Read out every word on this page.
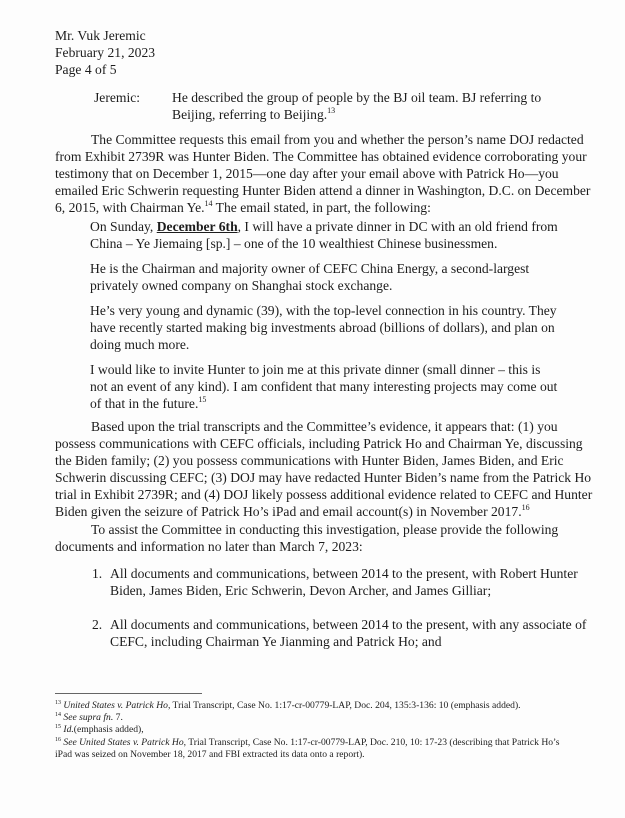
Mr. Vuk Jeremic
February 21, 2023
Page 4 of 5
Jeremic: He described the group of people by the BJ oil team. BJ referring to Beijing, referring to Beijing.$^{13}$
The Committee requests this email from you and whether the person’s name DOJ redacted from Exhibit 2739R was Hunter Biden. The Committee has obtained evidence corroborating your testimony that on December 1, 2015—one day after your email above with Patrick Ho—you emailed Eric Schwerin requesting Hunter Biden attend a dinner in Washington, D.C. on December 6, 2015, with Chairman Ye.$^{14}$ The email stated, in part, the following:

On Sunday, December 6th, I will have a private dinner in DC with an old friend from China – Ye Jiemaing [sp.] – one of the 10 wealthiest Chinese businessmen.

He is the Chairman and majority owner of CEFC China Energy, a second-largest privately owned company on Shanghai stock exchange.

He’s very young and dynamic (39), with the top-level connection in his country. They have recently started making big investments abroad (billions of dollars), and plan on doing much more.

I would like to invite Hunter to join me at this private dinner (small dinner – this is not an event of any kind). I am confident that many interesting projects may come out of that in the future.$^{15}$

Based upon the trial transcripts and the Committee’s evidence, it appears that: (1) you possess communications with CEFC officials, including Patrick Ho and Chairman Ye, discussing the Biden family; (2) you possess communications with Hunter Biden, James Biden, and Eric Schwerin discussing CEFC; (3) DOJ may have redacted Hunter Biden’s name from the Patrick Ho trial in Exhibit 2739R; and (4) DOJ likely possess additional evidence related to CEFC and Hunter Biden given the seizure of Patrick Ho’s iPad and email account(s) in November 2017.16
To assist the Committee in conducting this investigation, please provide the following documents and information no later than March 7, 2023:
1. All documents and communications, between 2014 to the present, with Robert Hunter Biden, James Biden, Eric Schwerin, Devon Archer, and James Gilliar;
2. All documents and communications, between 2014 to the present, with any associate of CEFC, including Chairman Ye Jianming and Patrick Ho; and
$^{13}$ United States v. Patrick Ho, Trial Transcript, Case No. 1:17-cr-00779-LAP, Doc. 204, 135:3-136: 10 (emphasis added).
$^{14}$ See supra fn. 7.
$^{15}$ Id.(emphasis added),
$^{16}$ See United States v. Patrick Ho, Trial Transcript, Case No. 1:17-cr-00779-LAP, Doc. 210, 10: 17-23 (describing that Patrick Ho’s iPad was seized on November 18, 2017 and FBI extracted its data onto a report).
